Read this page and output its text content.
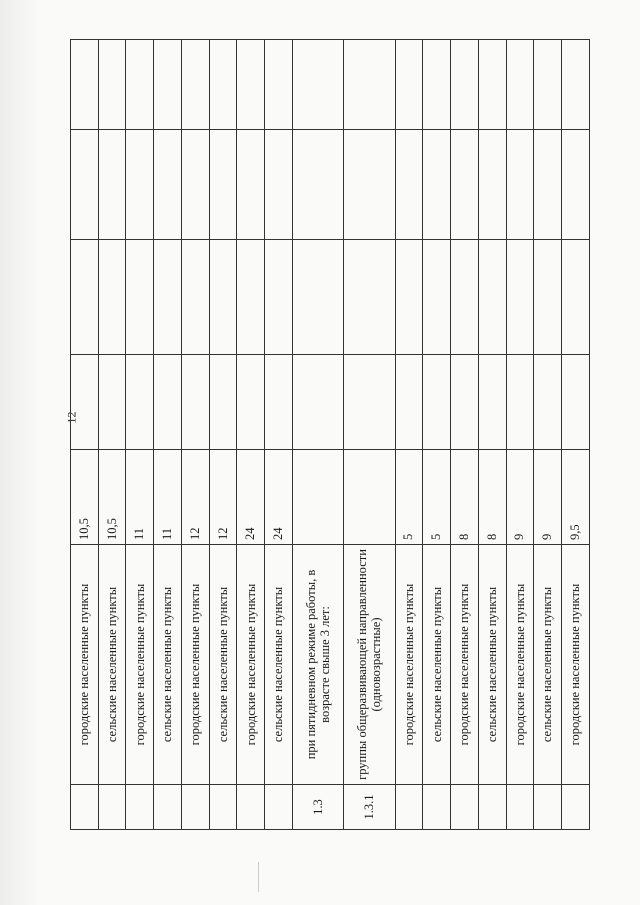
12
	городские населенные пункты	10,5				
	сельские населенные пункты	10,5				
	городские населенные пункты	11				
	сельские населенные пункты	11				
	городские населенные пункты	12				
	сельские населенные пункты	12				
	городские населенные пункты	24				
	сельские населенные пункты	24				
1.3	при пятидневном режиме работы, в возрасте свыше 3 лет:					
1.3.1	группы общеразвивающей направленности (одновозрастные)					
	городские населенные пункты	5				
	сельские населенные пункты	5				
	городские населенные пункты	8				
	сельские населенные пункты	8				
	городские населенные пункты	9				
	сельские населенные пункты	9				
	городские населенные пункты	9,5				
